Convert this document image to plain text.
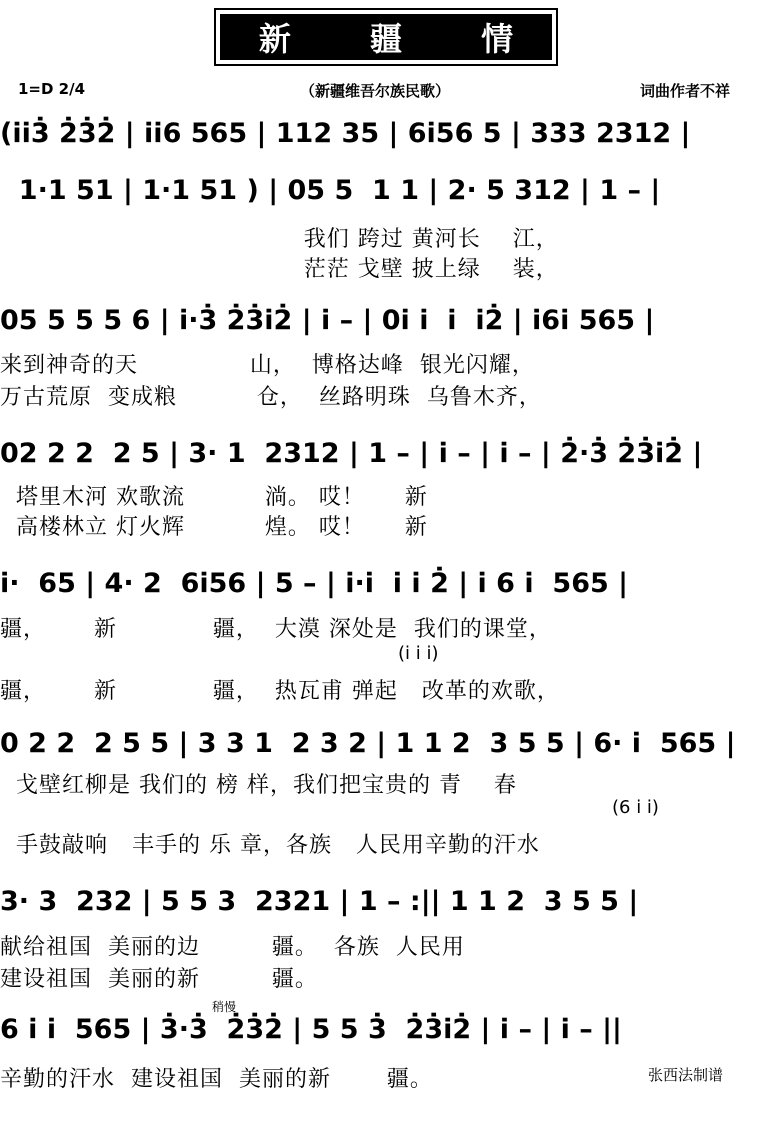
新 疆 情
1=D 2/4	（新疆维吾尔族民歌）	词曲作者不祥
(i̇i̇3̇ 2̇3̇2̇ | i̇i̇6 565 | 112 35 | 6i̇56 5 | 333 2312 |
1·1 51 | 1·1 51 ) | 05 5  1 1 | 2· 5 312 | 1 – |
我们 跨过 黄河长    江，
茫茫 戈壁 披上绿    装，
05 5 5 5 6 | i̇·3̇ 2̇3̇i̇2̇ | i̇ – | 0i̇ i̇  i̇  i̇2̇ | i̇6i̇ 565 |
来到神奇的天              山，  博格达峰  银光闪耀，
万古荒原  变成粮          仓，  丝路明珠  乌鲁木齐，
02 2 2  2 5 | 3· 1  2312 | 1 – | i̇ – | i̇ – | 2̇·3̇ 2̇3̇i̇2̇ |
塔里木河 欢歌流          淌。 哎！     新
高楼林立 灯火辉          煌。 哎！     新
i̇·  65 | 4· 2  6i̇56 | 5 – | i̇·i̇  i̇ i̇ 2̇ | i̇ 6 i̇  565 |
疆，      新            疆，  大漠 深处是  我们的课堂，
(i̇ i̇ i̇)
疆，      新            疆，  热瓦甫 弹起   改革的欢歌，
0 2 2  2 5 5 | 3 3 1  2 3 2 | 1 1 2  3 5 5 | 6· i̇  565 |
戈壁红柳是 我们的 榜 样，我们把宝贵的 青    春
(6 i̇ i̇)
手鼓敲响   丰手的 乐 章，各族   人民用辛勤的汗水
3· 3  232 | 5 5 3  2321 | 1 – :|| 1 1 2  3 5 5 |
献给祖国  美丽的边         疆。  各族  人民用
建设祖国  美丽的新         疆。
稍慢
6 i̇ i̇  565 | 3̇·3̇  2̇3̇2̇ | 5 5 3̇  2̇3̇i̇2̇ | i̇ – | i̇ – ||
辛勤的汗水  建设祖国  美丽的新       疆。	张西法制谱
